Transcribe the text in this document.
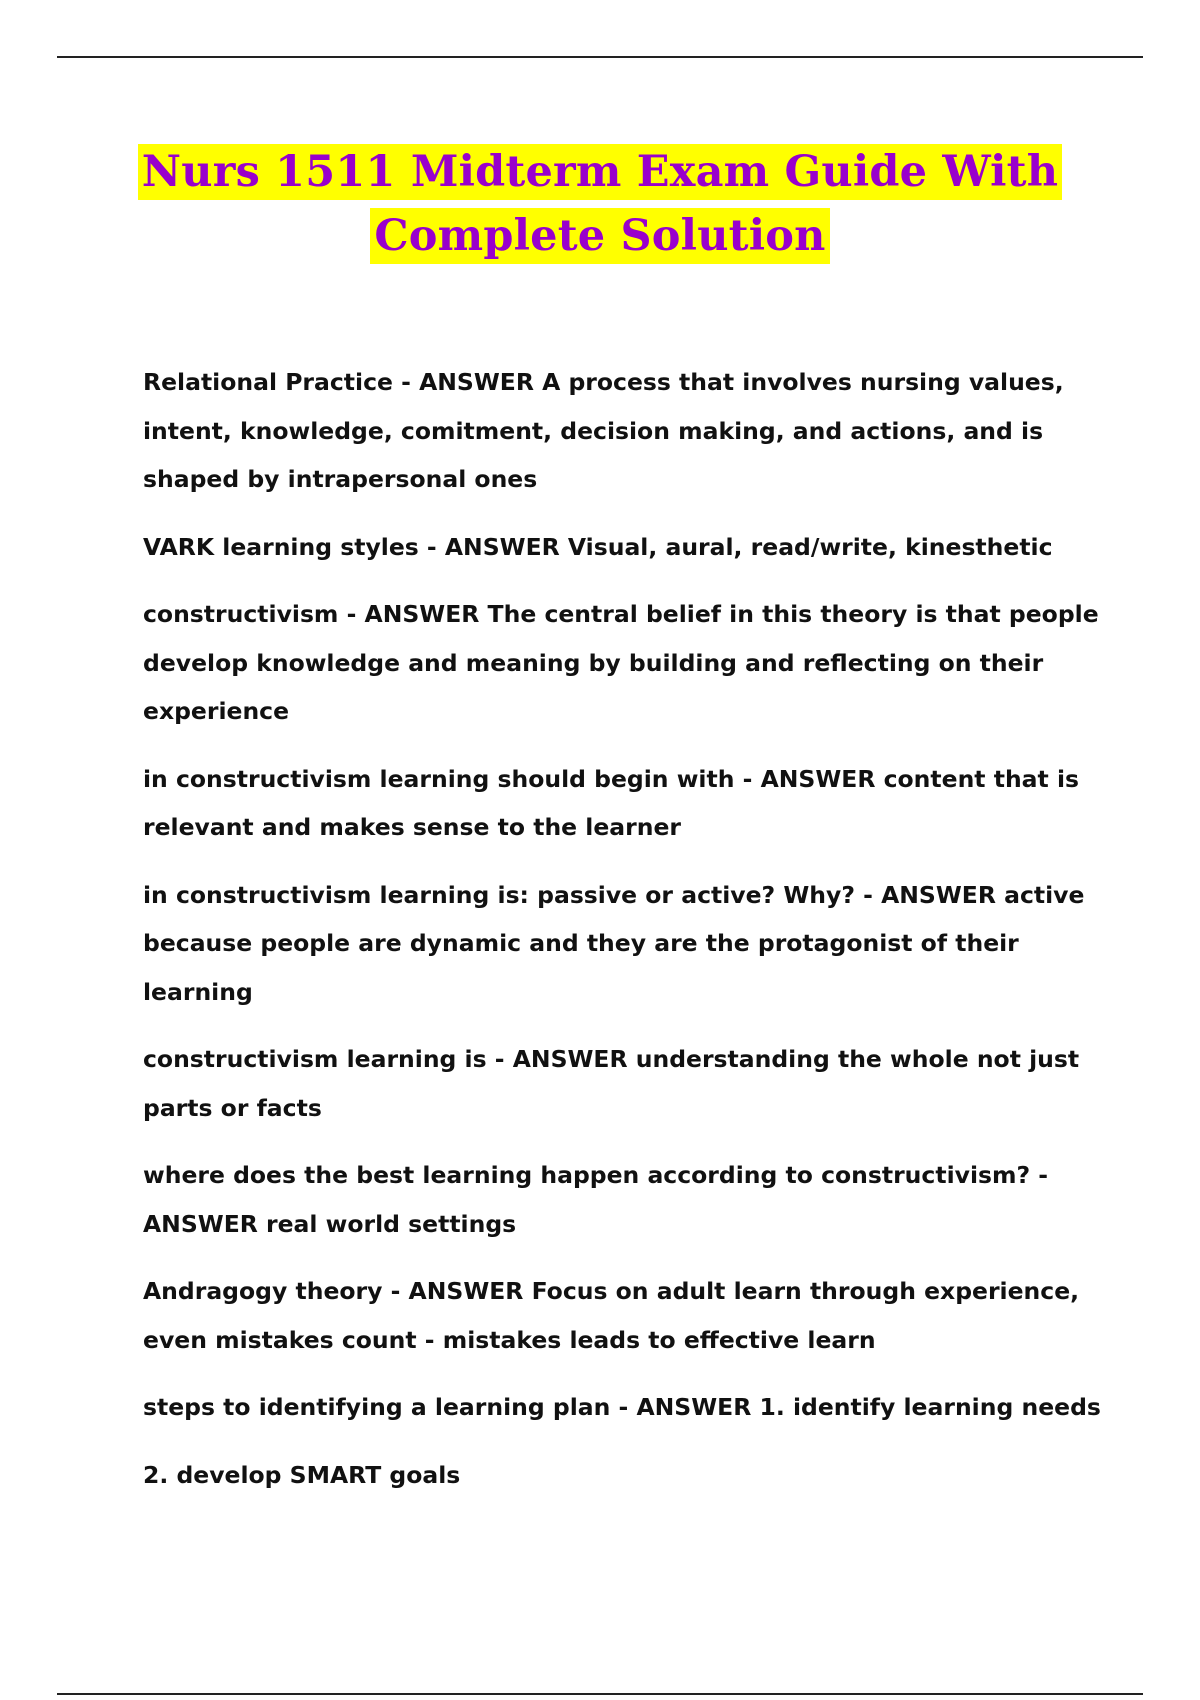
Nurs 1511 Midterm Exam Guide With
Complete Solution

Relational Practice - ANSWER A process that involves nursing values, intent, knowledge, comitment, decision making, and actions, and is shaped by intrapersonal ones

VARK learning styles - ANSWER Visual, aural, read/write, kinesthetic

constructivism - ANSWER The central belief in this theory is that people develop knowledge and meaning by building and reflecting on their experience

in constructivism learning should begin with - ANSWER content that is relevant and makes sense to the learner

in constructivism learning is: passive or active? Why? - ANSWER active because people are dynamic and they are the protagonist of their learning

constructivism learning is - ANSWER understanding the whole not just parts or facts

where does the best learning happen according to constructivism? - ANSWER real world settings

Andragogy theory - ANSWER Focus on adult learn through experience, even mistakes count - mistakes leads to effective learn

steps to identifying a learning plan - ANSWER 1. identify learning needs

2. develop SMART goals
